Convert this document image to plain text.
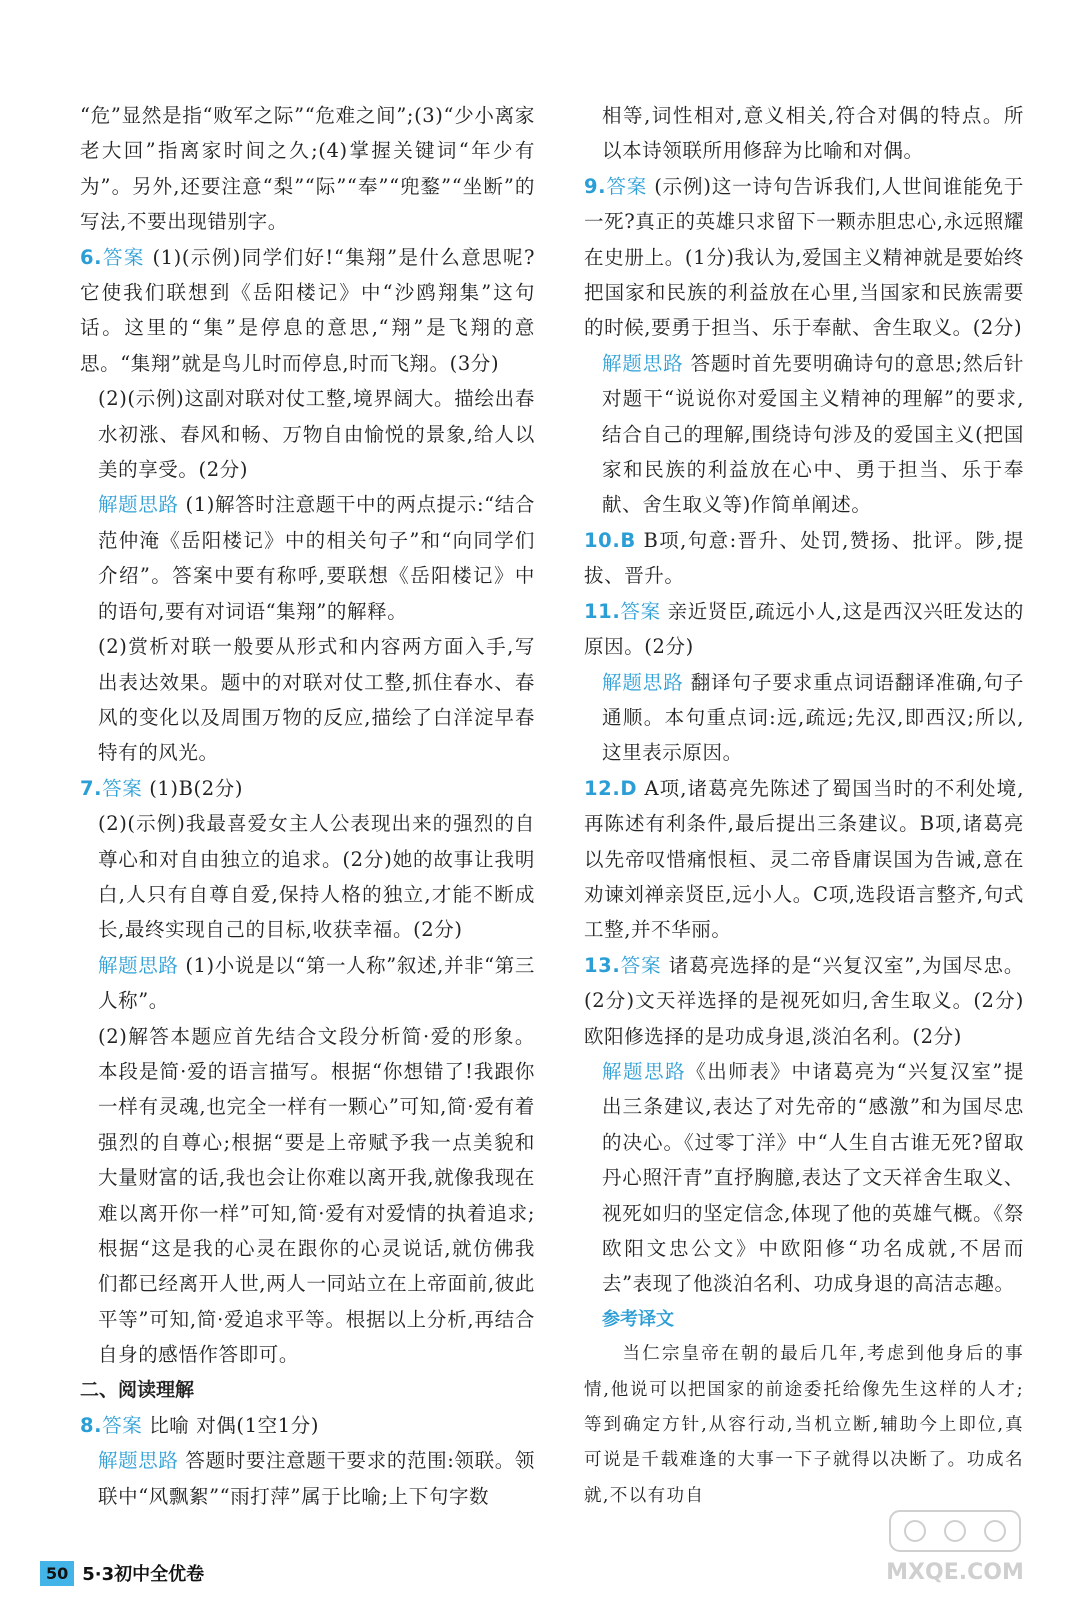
“危”显然是指“败军之际”“危难之间”;(3)“少小离家老大回”指离家时间之久;(4)掌握关键词“年少有为”。另外,还要注意“梨”“际”“奉”“兜鍪”“坐断”的写法,不要出现错别字。

6.答案 (1)(示例)同学们好!“集翔”是什么意思呢?它使我们联想到《岳阳楼记》中“沙鸥翔集”这句话。这里的“集”是停息的意思,“翔”是飞翔的意思。“集翔”就是鸟儿时而停息,时而飞翔。(3分)

(2)(示例)这副对联对仗工整,境界阔大。描绘出春水初涨、春风和畅、万物自由愉悦的景象,给人以美的享受。(2分)

解题思路 (1)解答时注意题干中的两点提示:“结合范仲淹《岳阳楼记》中的相关句子”和“向同学们介绍”。答案中要有称呼,要联想《岳阳楼记》中的语句,要有对词语“集翔”的解释。

(2)赏析对联一般要从形式和内容两方面入手,写出表达效果。题中的对联对仗工整,抓住春水、春风的变化以及周围万物的反应,描绘了白洋淀早春特有的风光。

7.答案 (1)B(2分)

(2)(示例)我最喜爱女主人公表现出来的强烈的自尊心和对自由独立的追求。(2分)她的故事让我明白,人只有自尊自爱,保持人格的独立,才能不断成长,最终实现自己的目标,收获幸福。(2分)

解题思路 (1)小说是以“第一人称”叙述,并非“第三人称”。

(2)解答本题应首先结合文段分析简·爱的形象。本段是简·爱的语言描写。根据“你想错了!我跟你一样有灵魂,也完全一样有一颗心”可知,简·爱有着强烈的自尊心;根据“要是上帝赋予我一点美貌和大量财富的话,我也会让你难以离开我,就像我现在难以离开你一样”可知,简·爱有对爱情的执着追求;根据“这是我的心灵在跟你的心灵说话,就仿佛我们都已经离开人世,两人一同站立在上帝面前,彼此平等”可知,简·爱追求平等。根据以上分析,再结合自身的感悟作答即可。

二、阅读理解

8.答案 比喻 对偶(1空1分)

解题思路 答题时要注意题干要求的范围:领联。领联中“风飘絮”“雨打萍”属于比喻;上下句字数

相等,词性相对,意义相关,符合对偶的特点。所以本诗领联所用修辞为比喻和对偶。

9.答案 (示例)这一诗句告诉我们,人世间谁能免于一死?真正的英雄只求留下一颗赤胆忠心,永远照耀在史册上。(1分)我认为,爱国主义精神就是要始终把国家和民族的利益放在心里,当国家和民族需要的时候,要勇于担当、乐于奉献、舍生取义。(2分)

解题思路 答题时首先要明确诗句的意思;然后针对题干“说说你对爱国主义精神的理解”的要求,结合自己的理解,围绕诗句涉及的爱国主义(把国家和民族的利益放在心中、勇于担当、乐于奉献、舍生取义等)作简单阐述。

10.B B项,句意:晋升、处罚,赞扬、批评。陟,提拔、晋升。

11.答案 亲近贤臣,疏远小人,这是西汉兴旺发达的原因。(2分)

解题思路 翻译句子要求重点词语翻译准确,句子通顺。本句重点词:远,疏远;先汉,即西汉;所以,这里表示原因。

12.D A项,诸葛亮先陈述了蜀国当时的不利处境,再陈述有利条件,最后提出三条建议。B项,诸葛亮以先帝叹惜痛恨桓、灵二帝昏庸误国为告诫,意在劝谏刘禅亲贤臣,远小人。C项,选段语言整齐,句式工整,并不华丽。

13.答案 诸葛亮选择的是“兴复汉室”,为国尽忠。(2分)文天祥选择的是视死如归,舍生取义。(2分)欧阳修选择的是功成身退,淡泊名利。(2分)

解题思路《出师表》中诸葛亮为“兴复汉室”提出三条建议,表达了对先帝的“感激”和为国尽忠的决心。《过零丁洋》中“人生自古谁无死?留取丹心照汗青”直抒胸臆,表达了文天祥舍生取义、视死如归的坚定信念,体现了他的英雄气概。《祭欧阳文忠公文》中欧阳修“功名成就,不居而去”表现了他淡泊名利、功成身退的高洁志趣。

参考译文

当仁宗皇帝在朝的最后几年,考虑到他身后的事情,他说可以把国家的前途委托给像先生这样的人才;等到确定方针,从容行动,当机立断,辅助今上即位,真可说是千载难逢的大事一下子就得以决断了。功成名就,不以有功自

50 5·3初中全优卷	MXQE.COM
